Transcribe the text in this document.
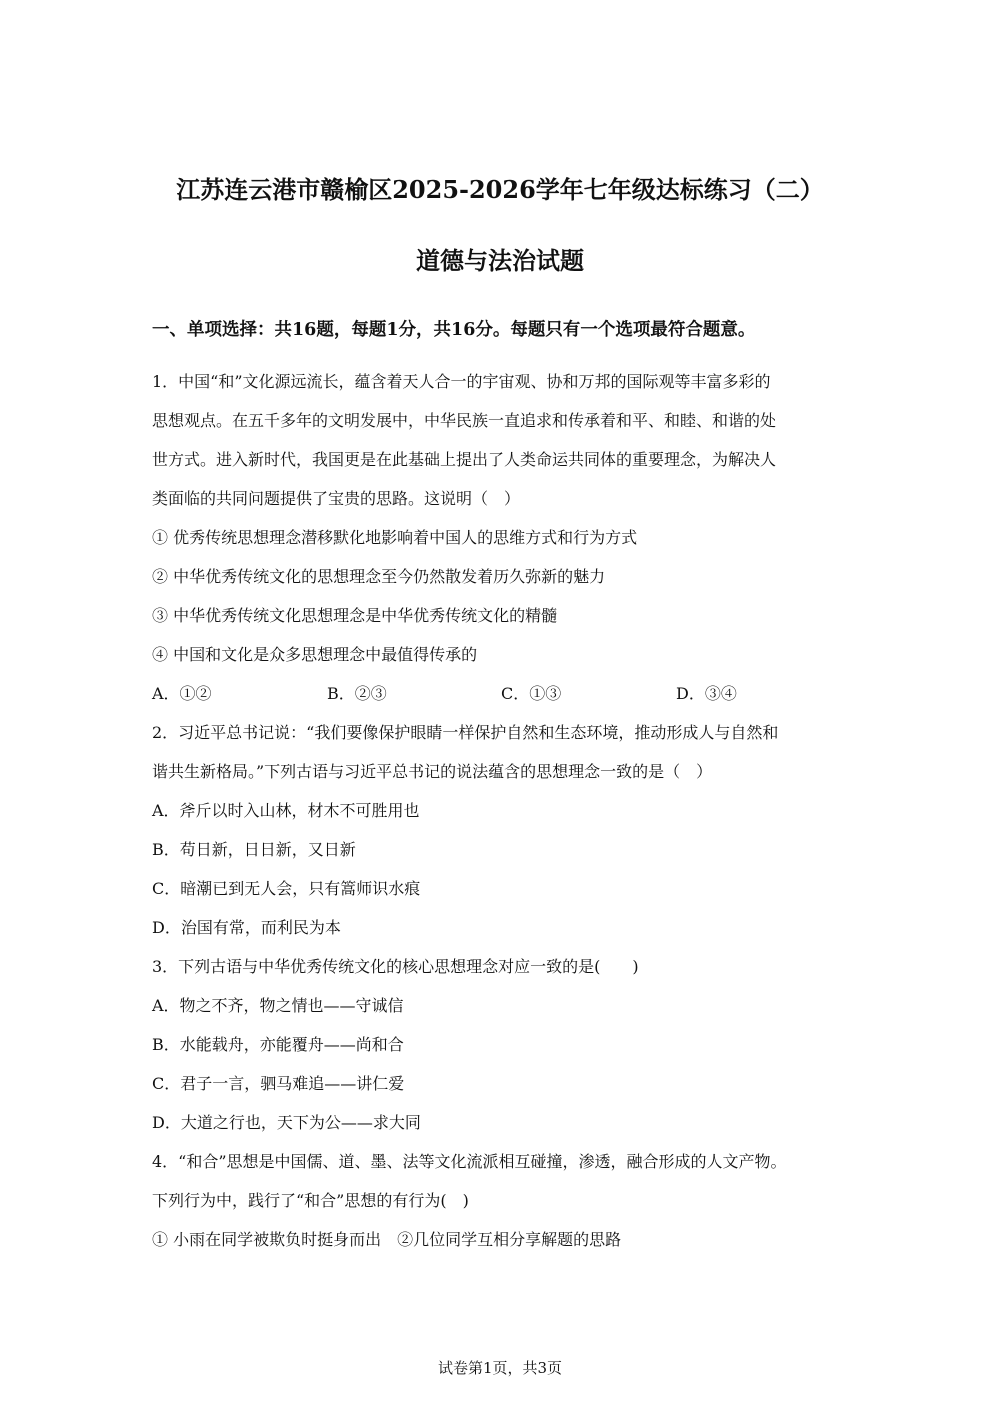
江苏连云港市赣榆区2025-2026学年七年级达标练习（二）
道德与法治试题
一、单项选择：共16题，每题1分，共16分。每题只有一个选项最符合题意。
1．中国“和”文化源远流长，蕴含着天人合一的宇宙观、协和万邦的国际观等丰富多彩的
思想观点。在五千多年的文明发展中，中华民族一直追求和传承着和平、和睦、和谐的处
世方式。进入新时代，我国更是在此基础上提出了人类命运共同体的重要理念，为解决人
类面临的共同问题提供了宝贵的思路。这说明（　）
① 优秀传统思想理念潜移默化地影响着中国人的思维方式和行为方式
② 中华优秀传统文化的思想理念至今仍然散发着历久弥新的魅力
③ 中华优秀传统文化思想理念是中华优秀传统文化的精髓
④ 中国和文化是众多思想理念中最值得传承的
A．①②	B．②③	C．①③	D．③④
2．习近平总书记说：“我们要像保护眼睛一样保护自然和生态环境，推动形成人与自然和
谐共生新格局。”下列古语与习近平总书记的说法蕴含的思想理念一致的是（　）
A．斧斤以时入山林，材木不可胜用也
B．苟日新，日日新，又日新
C．暗潮已到无人会，只有篙师识水痕
D．治国有常，而利民为本
3．下列古语与中华优秀传统文化的核心思想理念对应一致的是(　　)
A．物之不齐，物之情也——守诚信
B．水能载舟，亦能覆舟——尚和合
C．君子一言，驷马难追——讲仁爱
D．大道之行也，天下为公——求大同
4．“和合”思想是中国儒、道、墨、法等文化流派相互碰撞，渗透，融合形成的人文产物。
下列行为中，践行了“和合”思想的有行为(　)
① 小雨在同学被欺负时挺身而出　②几位同学互相分享解题的思路
试卷第1页，共3页
